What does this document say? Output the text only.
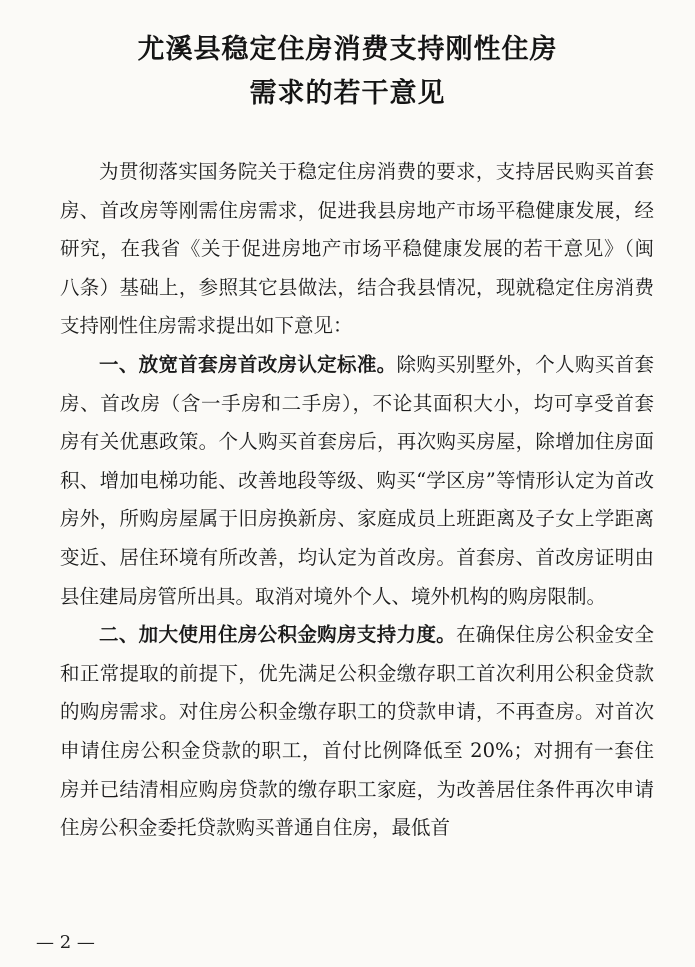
尤溪县稳定住房消费支持刚性住房
需求的若干意见

为贯彻落实国务院关于稳定住房消费的要求，支持居民购买首套房、首改房等刚需住房需求，促进我县房地产市场平稳健康发展，经研究，在我省《关于促进房地产市场平稳健康发展的若干意见》（闽八条）基础上，参照其它县做法，结合我县情况，现就稳定住房消费支持刚性住房需求提出如下意见：

一、放宽首套房首改房认定标准。除购买别墅外，个人购买首套房、首改房（含一手房和二手房），不论其面积大小，均可享受首套房有关优惠政策。个人购买首套房后，再次购买房屋，除增加住房面积、增加电梯功能、改善地段等级、购买“学区房”等情形认定为首改房外，所购房屋属于旧房换新房、家庭成员上班距离及子女上学距离变近、居住环境有所改善，均认定为首改房。首套房、首改房证明由县住建局房管所出具。取消对境外个人、境外机构的购房限制。

二、加大使用住房公积金购房支持力度。在确保住房公积金安全和正常提取的前提下，优先满足公积金缴存职工首次利用公积金贷款的购房需求。对住房公积金缴存职工的贷款申请，不再查房。对首次申请住房公积金贷款的职工，首付比例降低至 20%；对拥有一套住房并已结清相应购房贷款的缴存职工家庭，为改善居住条件再次申请住房公积金委托贷款购买普通自住房，最低首

— 2 —
